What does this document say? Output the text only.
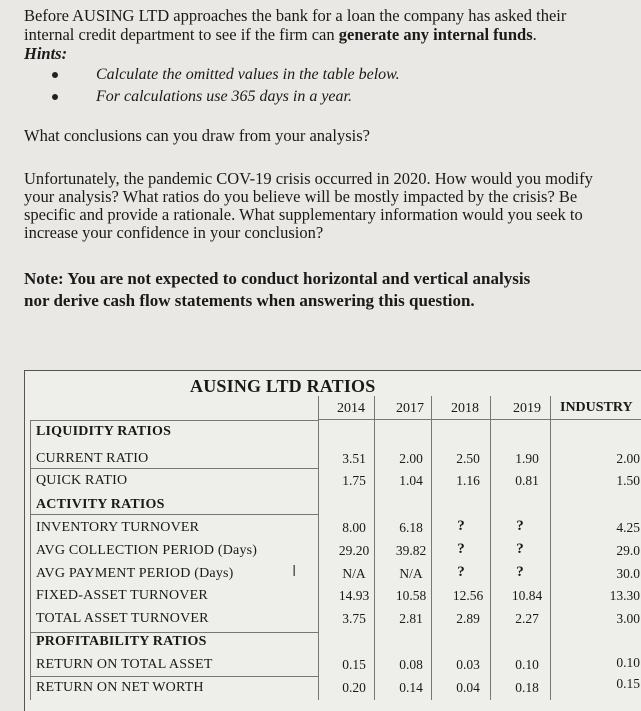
Before AUSING LTD approaches the bank for a loan the company has asked their
internal credit department to see if the firm can generate any internal funds.
Hints:
Calculate the omitted values in the table below.
For calculations use 365 days in a year.
What conclusions can you draw from your analysis?
Unfortunately, the pandemic COV-19 crisis occurred in 2020. How would you modify
your analysis? What ratios do you believe will be mostly impacted by the crisis? Be
specific and provide a rationale. What supplementary information would you seek to
increase your confidence in your conclusion?
Note: You are not expected to conduct horizontal and vertical analysis
nor derive cash flow statements when answering this question.
AUSING LTD RATIOS
2014 2017 2018 2019 INDUSTRY
LIQUIDITY RATIOS
ACTIVITY RATIOS
PROFITABILITY RATIOS
CURRENT RATIO	3.51	2.00	2.50	1.90	2.00
QUICK RATIO	1.75	1.04	1.16	0.81	1.50
INVENTORY TURNOVER	8.00	6.18	?	?	4.25
AVG COLLECTION PERIOD (Days)	29.20	39.82	?	?	29.0
AVG PAYMENT PERIOD (Days)	I	N/A	N/A	?	?	30.0
FIXED-ASSET TURNOVER	14.93	10.58	12.56	10.84	13.30
TOTAL ASSET TURNOVER	3.75	2.81	2.89	2.27	3.00
RETURN ON TOTAL ASSET	0.15	0.08	0.03	0.10	0.10
RETURN ON NET WORTH	0.20	0.14	0.04	0.18	0.15
